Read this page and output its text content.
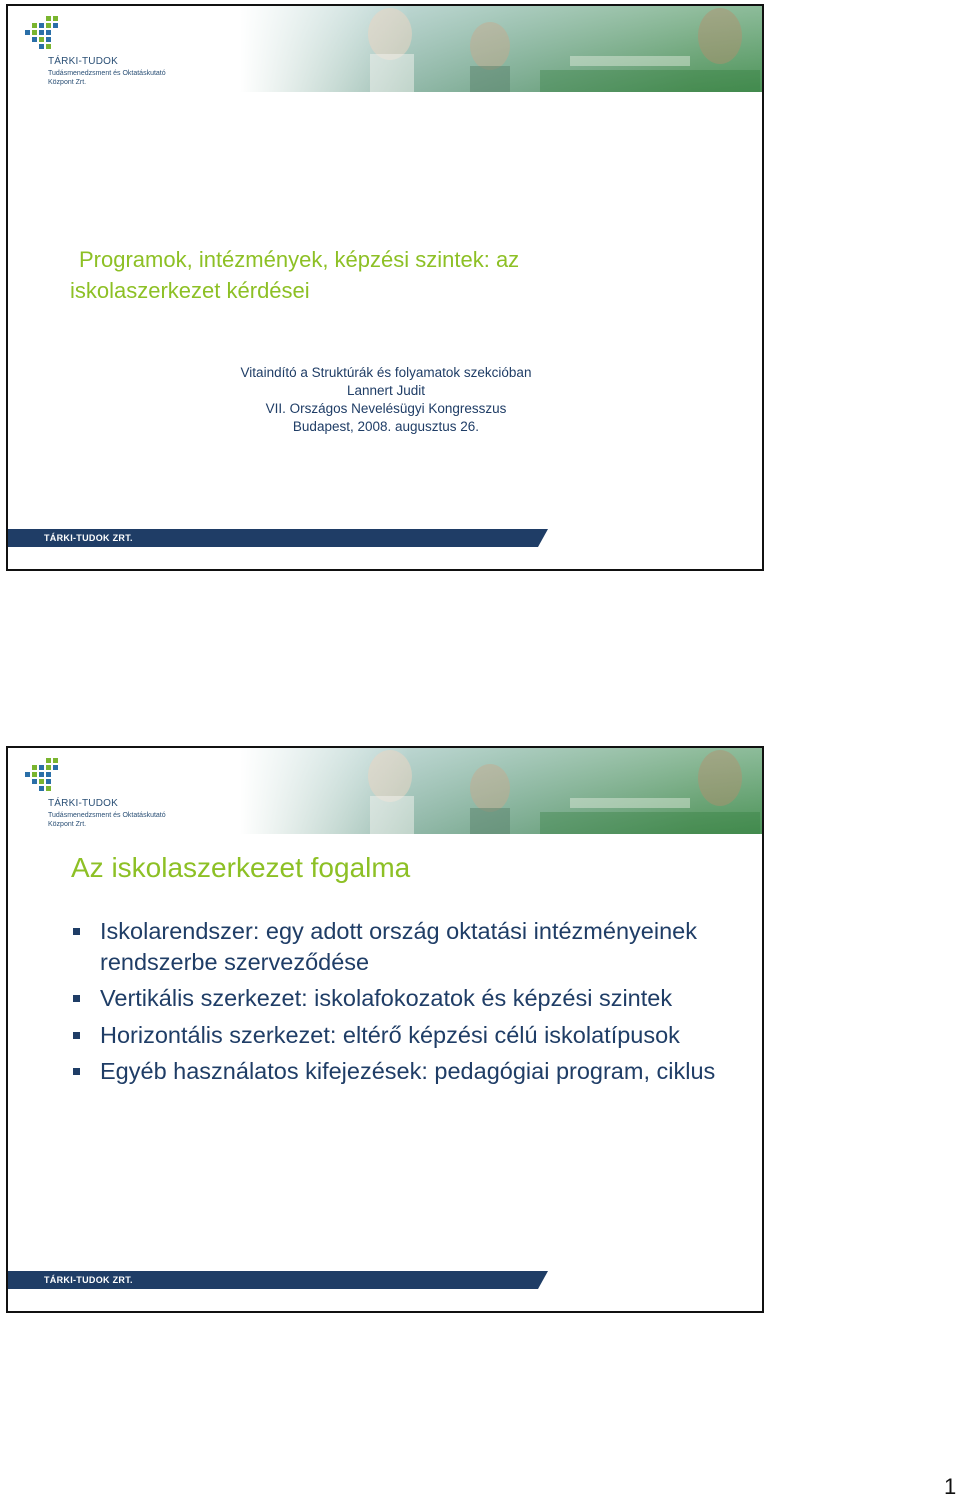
TÁRKI-TUDOK
Tudásmenedzsment és Oktatáskutató
Központ Zrt.
Programok, intézmények, képzési szintek: az
iskolaszerkezet kérdései
Vitaindító a Struktúrák és folyamatok szekcióban
Lannert Judit
VII. Országos Nevelésügyi Kongresszus
Budapest, 2008. augusztus 26.
TÁRKI-TUDOK ZRT.
TÁRKI-TUDOK
Tudásmenedzsment és Oktatáskutató
Központ Zrt.
Az iskolaszerkezet fogalma
Iskolarendszer: egy adott ország oktatási intézményeinek rendszerbe szerveződése
Vertikális szerkezet: iskolafokozatok és képzési szintek
Horizontális szerkezet: eltérő képzési célú iskolatípusok
Egyéb használatos kifejezések: pedagógiai program, ciklus
TÁRKI-TUDOK ZRT.
1
